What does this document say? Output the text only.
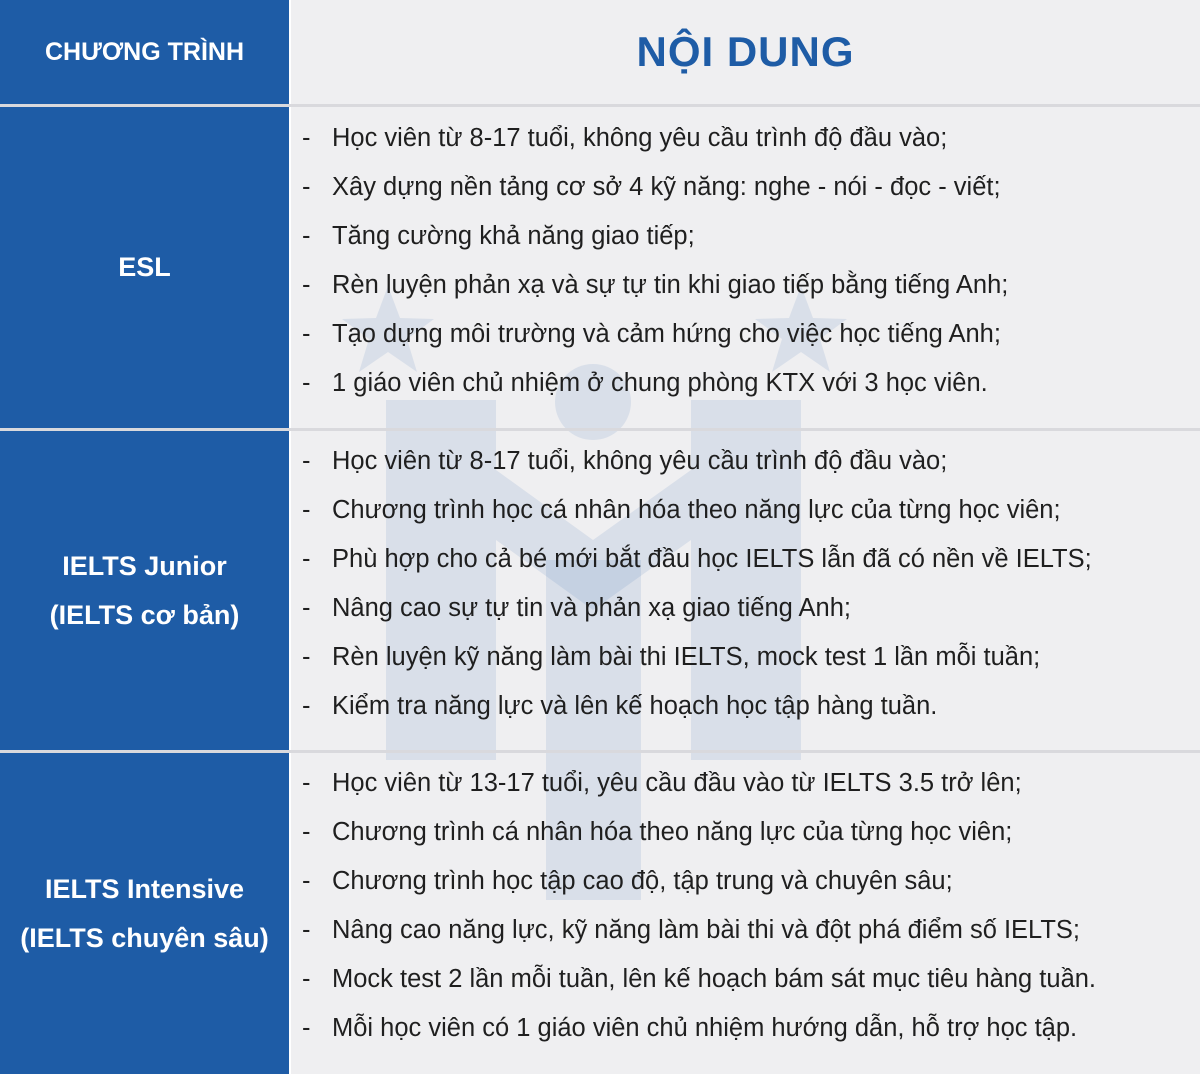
CHƯƠNG TRÌNH	NỘI DUNG
ESL
- Học viên từ 8-17 tuổi, không yêu cầu trình độ đầu vào;
- Xây dựng nền tảng cơ sở 4 kỹ năng: nghe - nói - đọc - viết;
- Tăng cường khả năng giao tiếp;
- Rèn luyện phản xạ và sự tự tin khi giao tiếp bằng tiếng Anh;
- Tạo dựng môi trường và cảm hứng cho việc học tiếng Anh;
- 1 giáo viên chủ nhiệm ở chung phòng KTX với 3 học viên.
IELTS Junior
(IELTS cơ bản)
- Học viên từ 8-17 tuổi, không yêu cầu trình độ đầu vào;
- Chương trình học cá nhân hóa theo năng lực của từng học viên;
- Phù hợp cho cả bé mới bắt đầu học IELTS lẫn đã có nền về IELTS;
- Nâng cao sự tự tin và phản xạ giao tiếng Anh;
- Rèn luyện kỹ năng làm bài thi IELTS, mock test 1 lần mỗi tuần;
- Kiểm tra năng lực và lên kế hoạch học tập hàng tuần.
IELTS Intensive
(IELTS chuyên sâu)
- Học viên từ 13-17 tuổi, yêu cầu đầu vào từ IELTS 3.5 trở lên;
- Chương trình cá nhân hóa theo năng lực của từng học viên;
- Chương trình học tập cao độ, tập trung và chuyên sâu;
- Nâng cao năng lực, kỹ năng làm bài thi và đột phá điểm số IELTS;
- Mock test 2 lần mỗi tuần, lên kế hoạch bám sát mục tiêu hàng tuần.
- Mỗi học viên có 1 giáo viên chủ nhiệm hướng dẫn, hỗ trợ học tập.
